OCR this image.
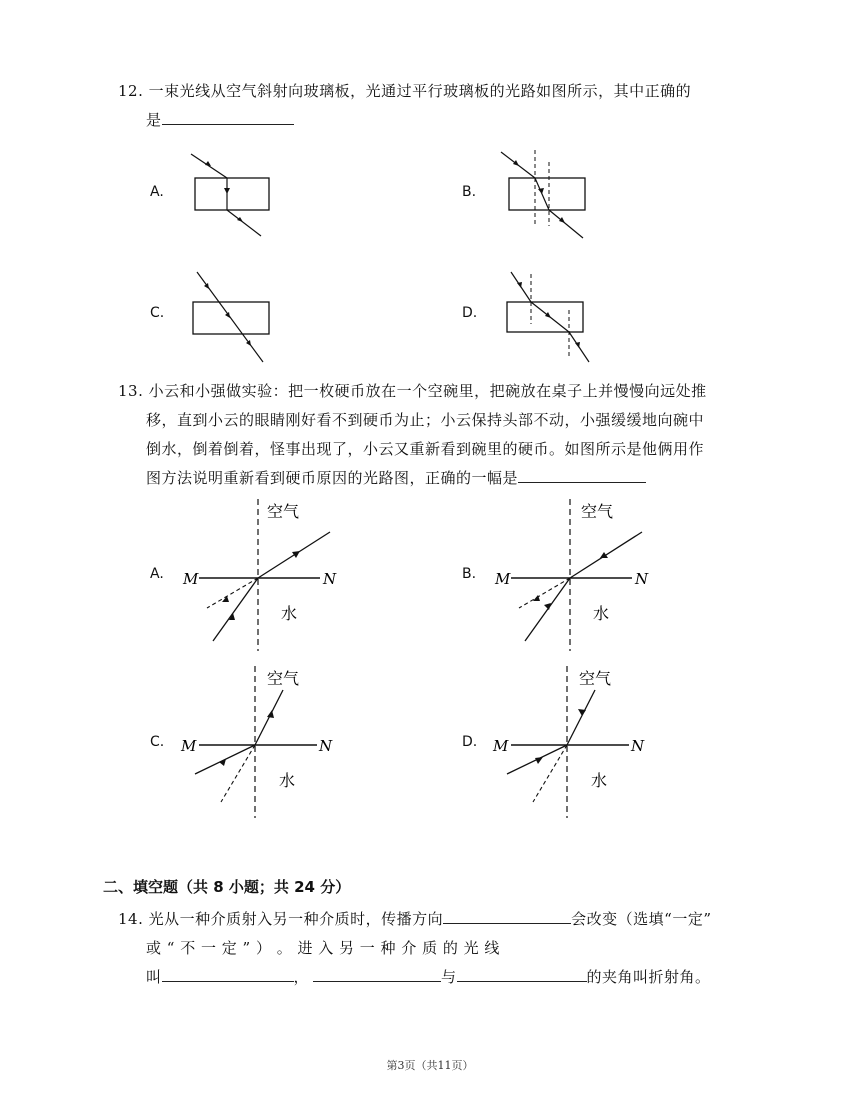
12. 一束光线从空气斜射向玻璃板，光通过平行玻璃板的光路如图所示，其中正确的
是
A.	B.
C.	D.
13. 小云和小强做实验：把一枚硬币放在一个空碗里，把碗放在桌子上并慢慢向远处推
移，直到小云的眼睛刚好看不到硬币为止；小云保持头部不动，小强缓缓地向碗中
倒水，倒着倒着，怪事出现了，小云又重新看到碗里的硬币。如图所示是他俩用作
图方法说明重新看到硬币原因的光路图，正确的一幅是
A.	B.
C.	D.
空气
M	N
水
空气
M	N
水
空气
M	N
水
空气
M	N
水
二、填空题（共 8 小题；共 24 分）
14. 光从一种介质射入另一种介质时，传播方向	会改变（选填“一定”
或 “ 不 一 定 ” ） 。 进 入 另 一 种 介 质 的 光 线
叫	，	与	的夹角叫折射角。
第3页（共11页）
